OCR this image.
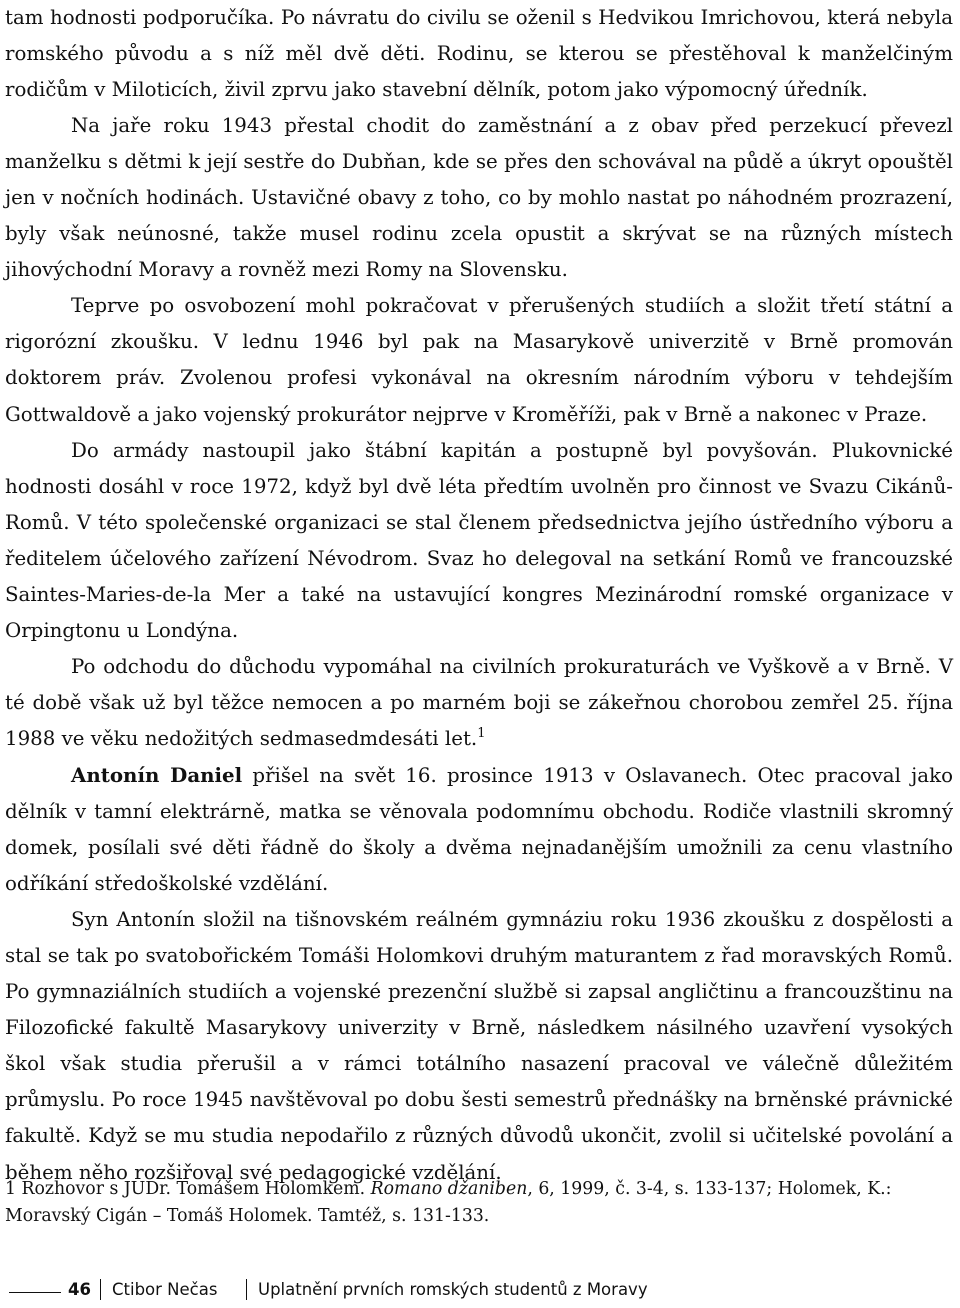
tam hodnosti podporučíka. Po návratu do civilu se oženil s Hedvikou Imrichovou, která nebyla romského původu a s níž měl dvě děti. Rodinu, se kterou se přestěhoval k manželčiným rodičům v Miloticích, živil zprvu jako stavební dělník, potom jako výpomocný úředník.

Na jaře roku 1943 přestal chodit do zaměstnání a z obav před perzekucí převezl manželku s dětmi k její sestře do Dubňan, kde se přes den schovával na půdě a úkryt opouštěl jen v nočních hodinách. Ustavičné obavy z toho, co by mohlo nastat po náhodném prozrazení, byly však neúnosné, takže musel rodinu zcela opustit a skrývat se na různých místech jihovýchodní Moravy a rovněž mezi Romy na Slovensku.

Teprve po osvobození mohl pokračovat v přerušených studiích a složit třetí státní a rigorózní zkoušku. V lednu 1946 byl pak na Masarykově univerzitě v Brně promován doktorem práv. Zvolenou profesi vykonával na okresním národním výboru v tehdejším Gottwaldově a jako vojenský prokurátor nejprve v Kroměříži, pak v Brně a nakonec v Praze.

Do armády nastoupil jako štábní kapitán a postupně byl povyšován. Plukovnické hodnosti dosáhl v roce 1972, když byl dvě léta předtím uvolněn pro činnost ve Svazu Cikánů-Romů. V této společenské organizaci se stal členem předsednictva jejího ústředního výboru a ředitelem účelového zařízení Névodrom. Svaz ho delegoval na setkání Romů ve francouzské Saintes-Maries-de-la Mer a také na ustavující kongres Mezinárodní romské organizace v Orpingtonu u Londýna.

Po odchodu do důchodu vypomáhal na civilních prokuraturách ve Vyškově a v Brně. V té době však už byl těžce nemocen a po marném boji se zákeřnou chorobou zemřel 25. října 1988 ve věku nedožitých sedmasedmdesáti let.$^1$

Antonín Daniel přišel na svět 16. prosince 1913 v Oslavanech. Otec pracoval jako dělník v tamní elektrárně, matka se věnovala podomnímu obchodu. Rodiče vlastnili skromný domek, posílali své děti řádně do školy a dvěma nejnadanějším umožnili za cenu vlastního odříkání středoškolské vzdělání.

Syn Antonín složil na tišnovském reálném gymnáziu roku 1936 zkoušku z dospělosti a stal se tak po svatobořickém Tomáši Holomkovi druhým maturantem z řad moravských Romů. Po gymnaziálních studiích a vojenské prezenční službě si zapsal angličtinu a francouzštinu na Filozofické fakultě Masarykovy univerzity v Brně, následkem násilného uzavření vysokých škol však studia přerušil a v rámci totálního nasazení pracoval ve válečně důležitém průmyslu. Po roce 1945 navštěvoval po dobu šesti semestrů přednášky na brněnské právnické fakultě. Když se mu studia nepodařilo z různých důvodů ukončit, zvolil si učitelské povolání a během něho rozšiřoval své pedagogické vzdělání.

1 Rozhovor s JUDr. Tomášem Holomkem. Romano džaniben, 6, 1999, č. 3-4, s. 133-137; Holomek, K.: Moravský Cigán – Tomáš Holomek. Tamtéž, s. 131-133.

46 Ctibor Nečas Uplatnění prvních romských studentů z Moravy
